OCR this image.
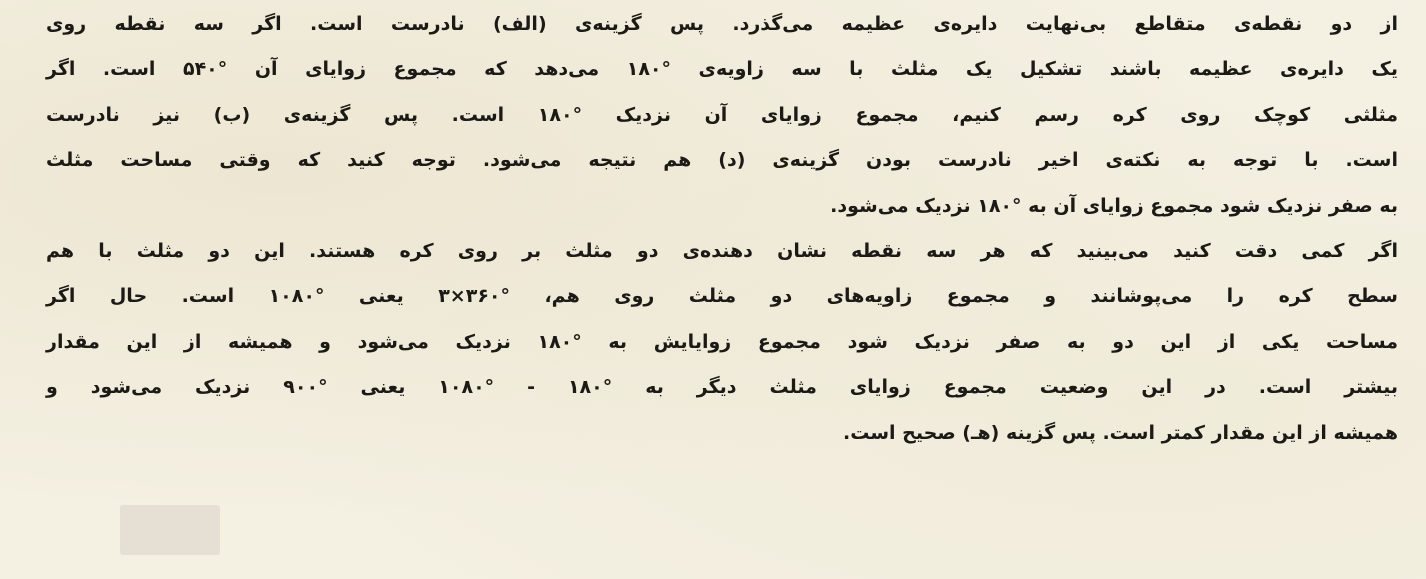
از دو نقطه‌ی متقاطع بی‌نهایت دایره‌ی عظیمه می‌گذرد. پس گزینه‌ی (الف) نادرست است. اگر سه نقطه روی
یک دایره‌ی عظیمه باشند تشکیل یک مثلث با سه زاویه‌ی °۱۸۰ می‌دهد که مجموع زوایای آن °۵۴۰ است. اگر
مثلثی کوچک روی کره رسم کنیم، مجموع زوایای آن نزدیک °۱۸۰ است. پس گزینه‌ی (ب) نیز نادرست
است. با توجه به نکته‌ی اخیر نادرست بودن گزینه‌ی (د) هم نتیجه می‌شود. توجه کنید که وقتی مساحت مثلث
به صفر نزدیک شود مجموع زوایای آن به °۱۸۰ نزدیک می‌شود.
اگر کمی دقت کنید می‌بینید که هر سه نقطه نشان دهنده‌ی دو مثلث بر روی کره هستند. این دو مثلث با هم
سطح کره را می‌پوشانند و مجموع زاویه‌های دو مثلث روی هم، °۳۶۰×۳ یعنی °۱۰۸۰ است. حال اگر
مساحت یکی از این دو به صفر نزدیک شود مجموع زوایایش به °۱۸۰ نزدیک می‌شود و همیشه از این مقدار
بیشتر است. در این وضعیت مجموع زوایای مثلث دیگر به °۱۸۰ - °۱۰۸۰ یعنی °۹۰۰ نزدیک می‌شود و
همیشه از این مقدار کمتر است. پس گزینه (هـ) صحیح است.
